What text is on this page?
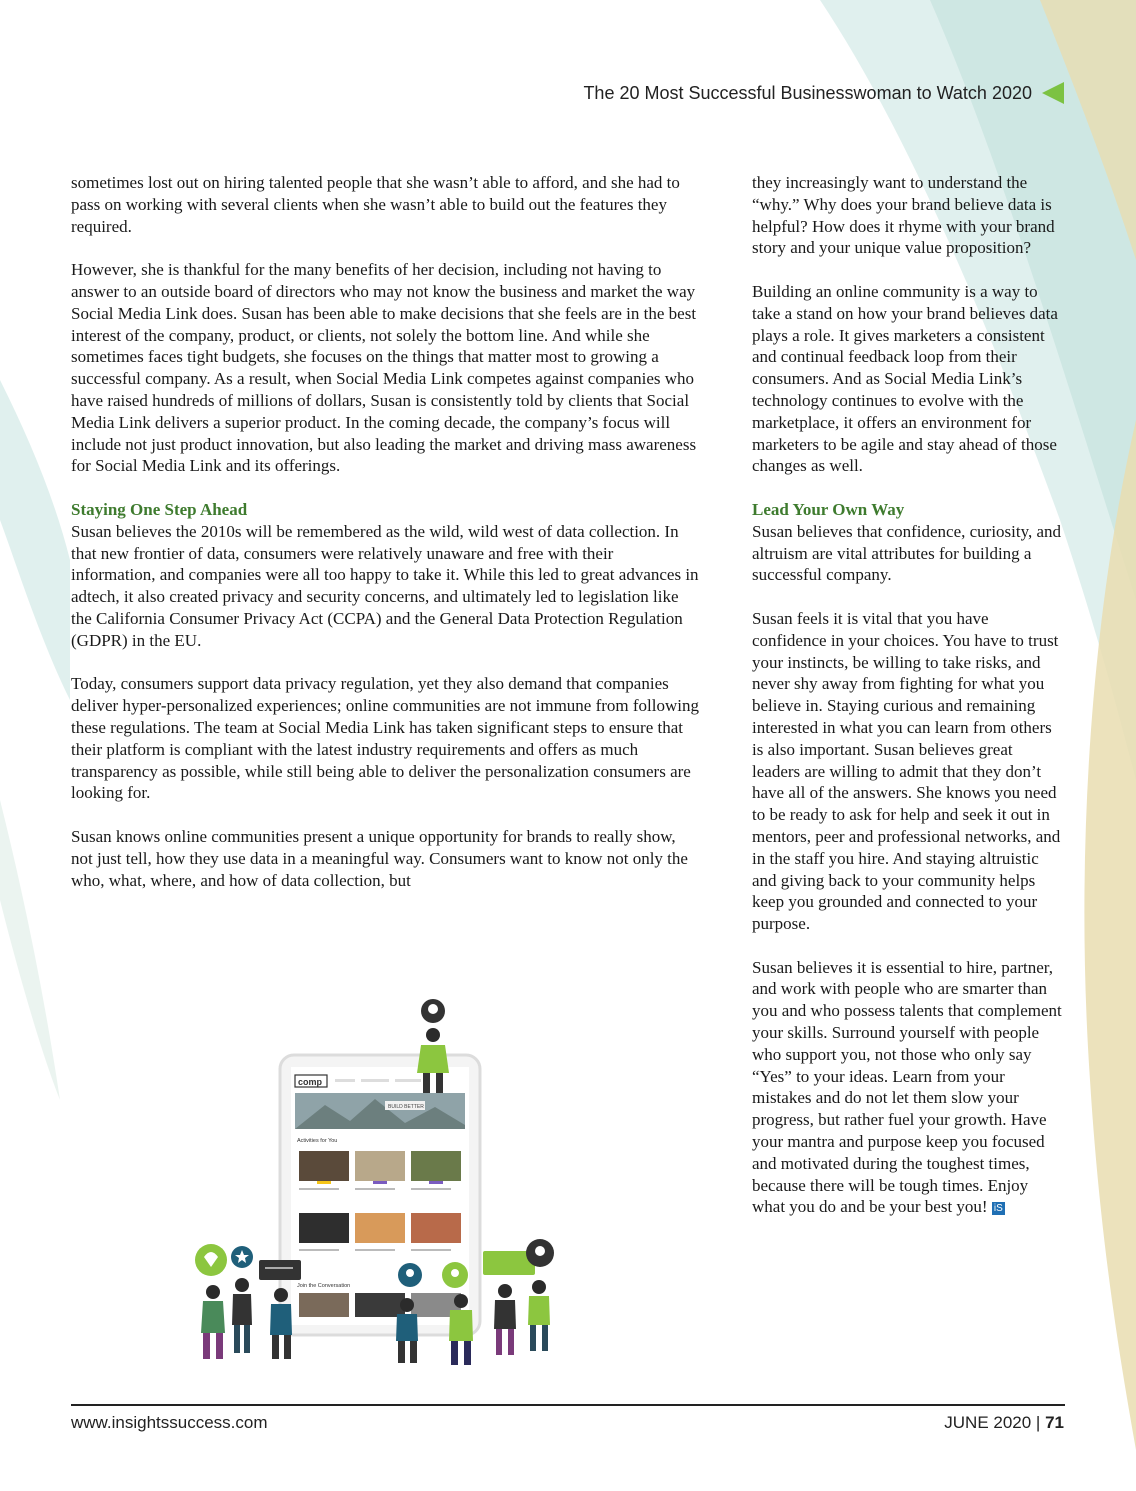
The 20 Most Successful Businesswoman to Watch 2020

sometimes lost out on hiring talented people that she wasn’t able to afford, and she had to pass on working with several clients when she wasn’t able to build out the features they required.

However, she is thankful for the many benefits of her decision, including not having to answer to an outside board of directors who may not know the business and market the way Social Media Link does. Susan has been able to make decisions that she feels are in the best interest of the company, product, or clients, not solely the bottom line. And while she sometimes faces tight budgets, she focuses on the things that matter most to growing a successful company. As a result, when Social Media Link competes against companies who have raised hundreds of millions of dollars, Susan is consistently told by clients that Social Media Link delivers a superior product. In the coming decade, the company’s focus will include not just product innovation, but also leading the market and driving mass awareness for Social Media Link and its offerings.

Staying One Step Ahead

Susan believes the 2010s will be remembered as the wild, wild west of data collection. In that new frontier of data, consumers were relatively unaware and free with their information, and companies were all too happy to take it. While this led to great advances in adtech, it also created privacy and security concerns, and ultimately led to legislation like the California Consumer Privacy Act (CCPA) and the General Data Protection Regulation (GDPR) in the EU.

Today, consumers support data privacy regulation, yet they also demand that companies deliver hyper-personalized experiences; online communities are not immune from following these regulations. The team at Social Media Link has taken significant steps to ensure that their platform is compliant with the latest industry requirements and offers as much transparency as possible, while still being able to deliver the personalization consumers are looking for.

Susan knows online communities present a unique opportunity for brands to really show, not just tell, how they use data in a meaningful way. Consumers want to know not only the who, what, where, and how of data collection, but

they increasingly want to understand the “why.” Why does your brand believe data is helpful? How does it rhyme with your brand story and your unique value proposition?

Building an online community is a way to take a stand on how your brand believes data plays a role. It gives marketers a consistent and continual feedback loop from their consumers. And as Social Media Link’s technology continues to evolve with the marketplace, it offers an environment for marketers to be agile and stay ahead of those changes as well.

Lead Your Own Way

Susan believes that confidence, curiosity, and altruism are vital attributes for building a successful company.

Susan feels it is vital that you have confidence in your choices. You have to trust your instincts, be willing to take risks, and never shy away from fighting for what you believe in. Staying curious and remaining interested in what you can learn from others is also important. Susan believes great leaders are willing to admit that they don’t have all of the answers. She knows you need to be ready to ask for help and seek it out in mentors, peer and professional networks, and in the staff you hire. And staying altruistic and giving back to your community helps keep you grounded and connected to your purpose.

Susan believes it is essential to hire, partner, and work with people who are smarter than you and who possess talents that complement your skills. Surround yourself with people who support you, not those who only say “Yes” to your ideas. Learn from your mistakes and do not let them slow your progress, but rather fuel your growth. Have your mantra and purpose keep you focused and motivated during the toughest times, because there will be tough times. Enjoy what you do and be your best you! iS

comp
BUILD BETTER
Activities for You
Join the Conversation
www.insightssuccess.com	JUNE 2020 | 71
